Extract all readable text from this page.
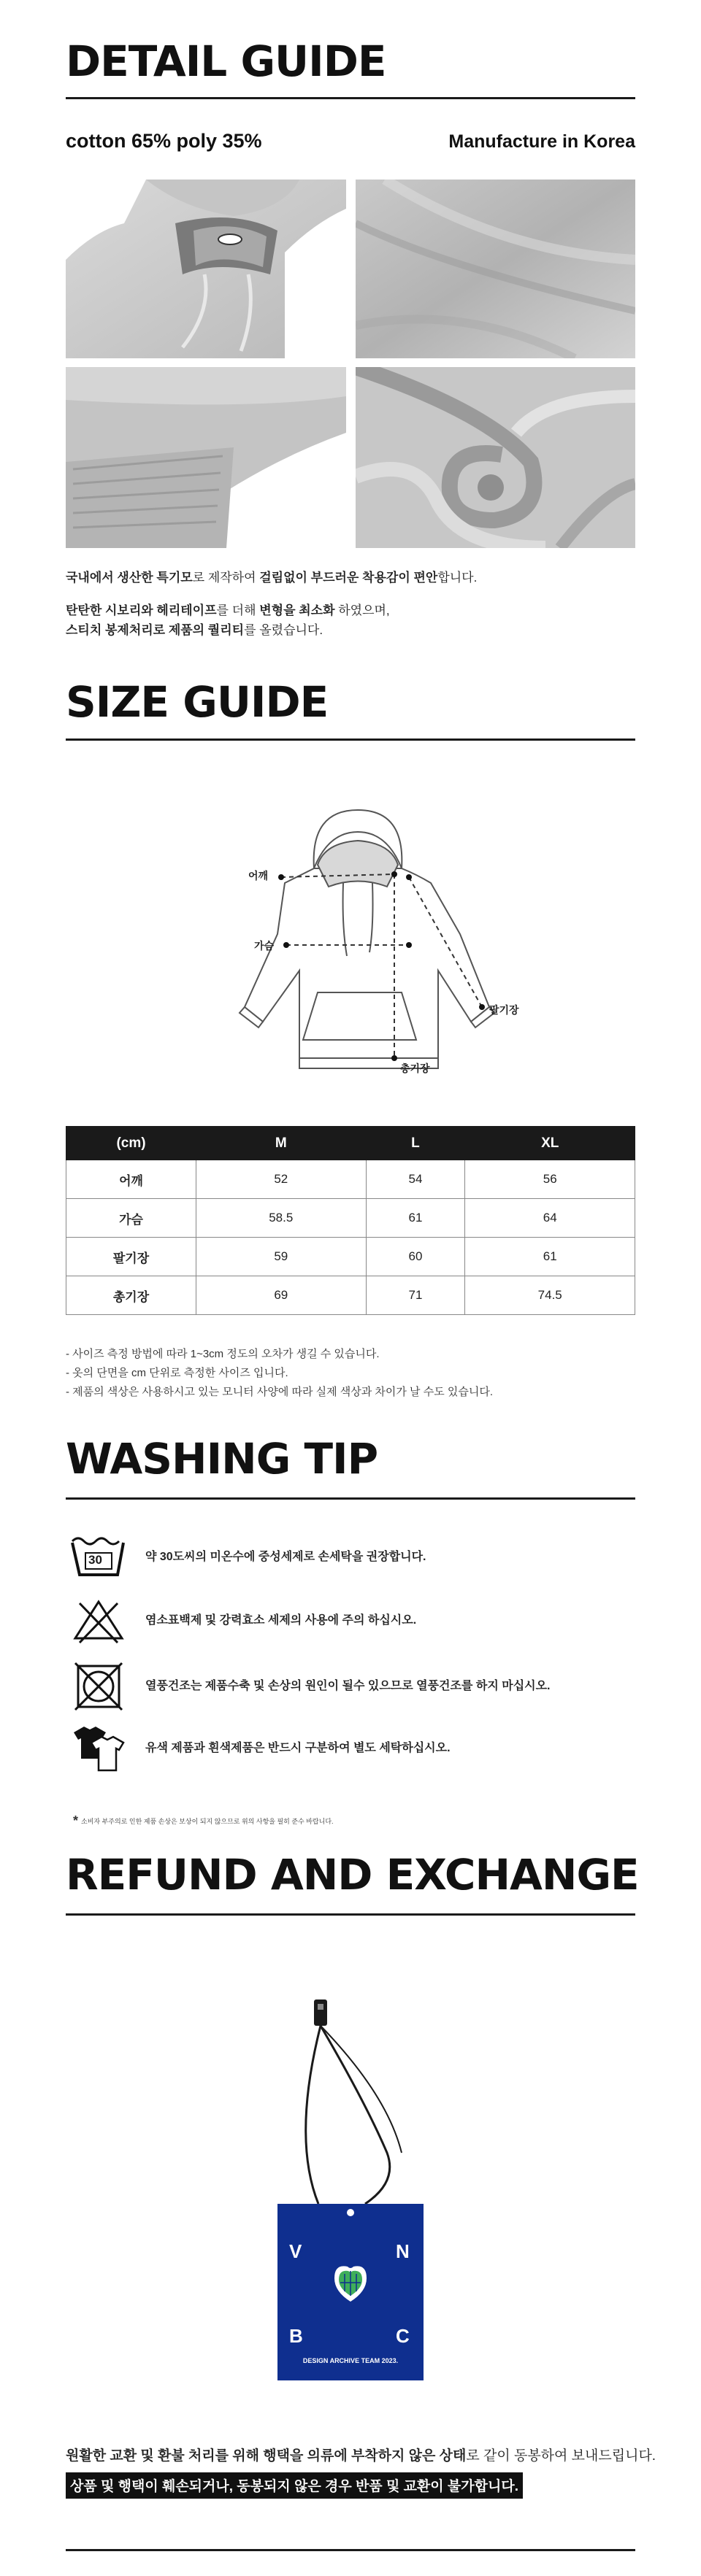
DETAIL GUIDE
cotton 65% poly 35%	Manufacture in Korea
국내에서 생산한 특기모로 제작하여 걸림없이 부드러운 착용감이 편안합니다.
탄탄한 시보리와 헤리테이프를 더해 변형을 최소화 하였으며,
스티치 봉제처리로 제품의 퀄리티를 올렸습니다.
SIZE GUIDE
어깨
가슴
팔기장
총기장
(cm)	M	L	XL
어깨	52	54	56
가슴	58.5	61	64
팔기장	59	60	61
총기장	69	71	74.5
- 사이즈 측정 방법에 따라 1~3cm 정도의 오차가 생길 수 있습니다.
- 옷의 단면을 cm 단위로 측정한 사이즈 입니다.
- 제품의 색상은 사용하시고 있는 모니터 사양에 따라 실제 색상과 차이가 날 수도 있습니다.
WASHING TIP
30	약 30도씨의 미온수에 중성세제로 손세탁을 권장합니다.
염소표백제 및 강력효소 세제의 사용에 주의 하십시오.
열풍건조는 제품수축 및 손상의 원인이 될수 있으므로 열풍건조를 하지 마십시오.
유색 제품과 흰색제품은 반드시 구분하여 별도 세탁하십시오.
* 소비자 부주의로 인한 제품 손상은 보상이 되지 않으므로 위의 사항을 필히 준수 바랍니다.
REFUND AND EXCHANGE
V	N
B	C
DESIGN ARCHIVE TEAM 2023.
원활한 교환 및 환불 처리를 위해 행택을 의류에 부착하지 않은 상태로 같이 동봉하여 보내드립니다.
상품 및 행택이 훼손되거나, 동봉되지 않은 경우 반품 및 교환이 불가합니다.
